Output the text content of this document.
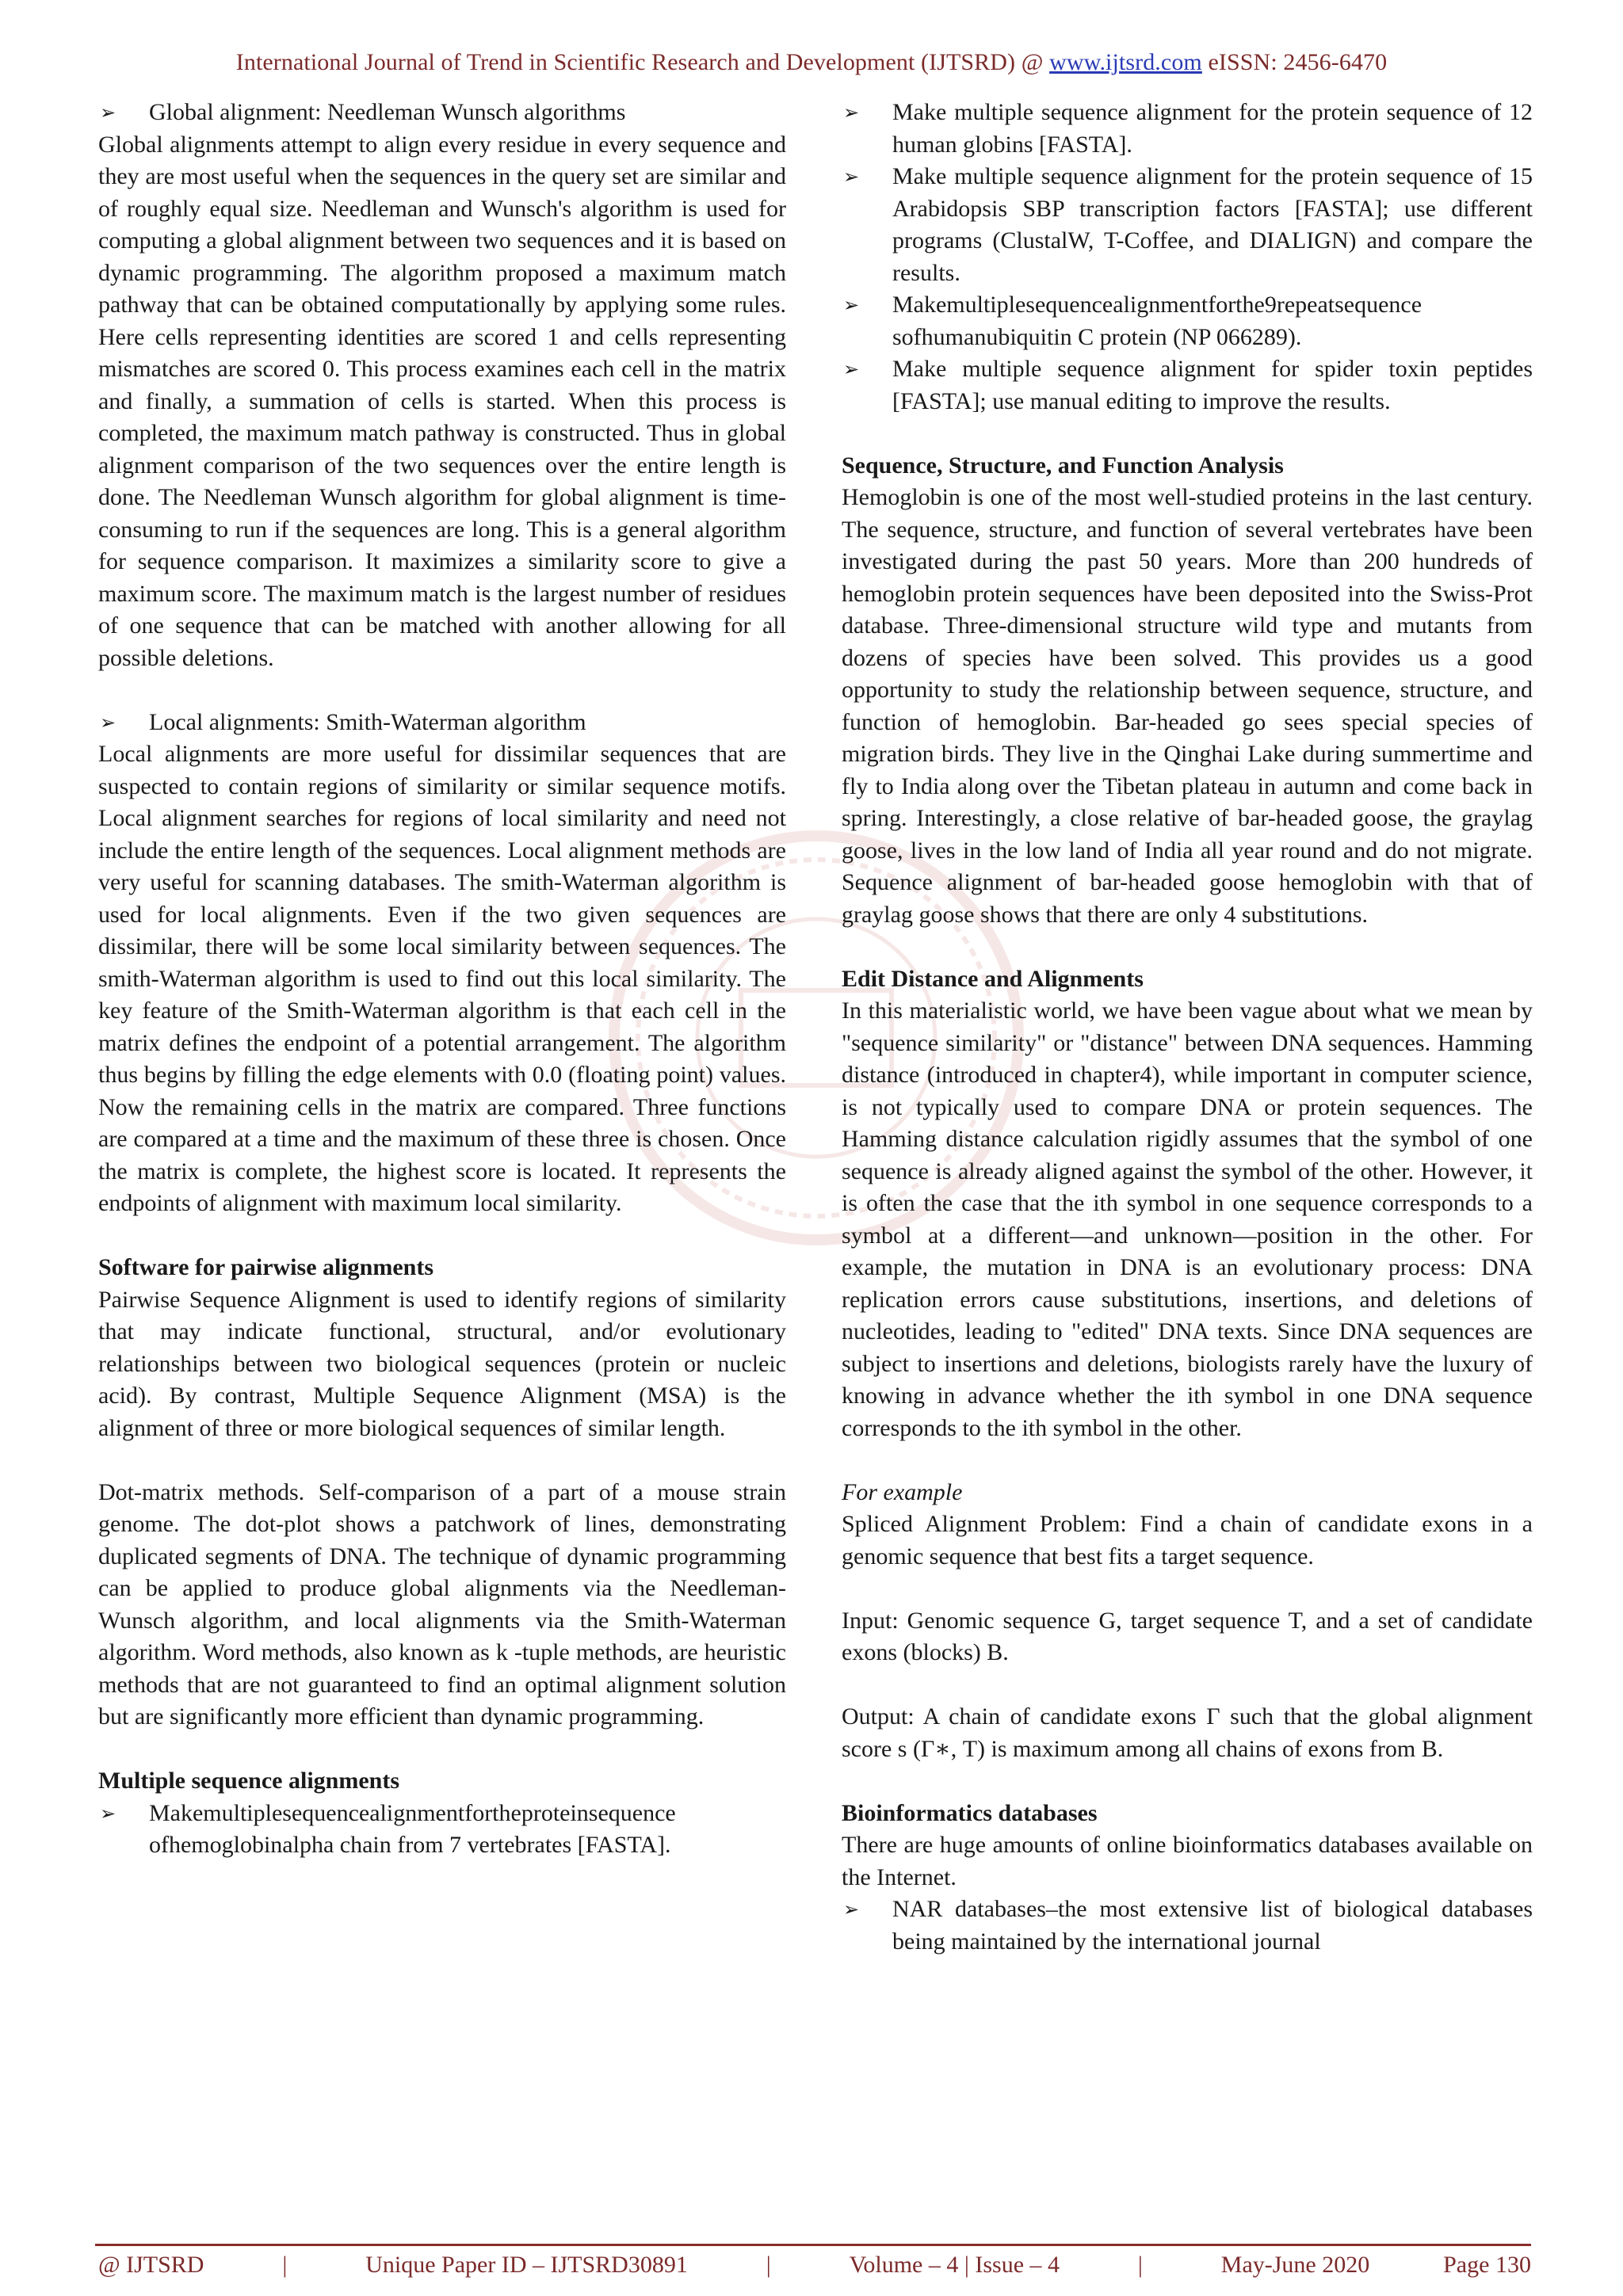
International Journal of Trend in Scientific Research and Development (IJTSRD) @ www.ijtsrd.com eISSN: 2456-6470
➢	Global alignment: Needleman Wunsch algorithms

Global alignments attempt to align every residue in every sequence and they are most useful when the sequences in the query set are similar and of roughly equal size. Needleman and Wunsch's algorithm is used for computing a global alignment between two sequences and it is based on dynamic programming. The algorithm proposed a maximum match pathway that can be obtained computationally by applying some rules. Here cells representing identities are scored 1 and cells representing mismatches are scored 0. This process examines each cell in the matrix and finally, a summation of cells is started. When this process is completed, the maximum match pathway is constructed. Thus in global alignment comparison of the two sequences over the entire length is done. The Needleman Wunsch algorithm for global alignment is time-consuming to run if the sequences are long. This is a general algorithm for sequence comparison. It maximizes a similarity score to give a maximum score. The maximum match is the largest number of residues of one sequence that can be matched with another allowing for all possible deletions.

➢	Local alignments: Smith-Waterman algorithm

Local alignments are more useful for dissimilar sequences that are suspected to contain regions of similarity or similar sequence motifs. Local alignment searches for regions of local similarity and need not include the entire length of the sequences. Local alignment methods are very useful for scanning databases. The smith-Waterman algorithm is used for local alignments. Even if the two given sequences are dissimilar, there will be some local similarity between sequences. The smith-Waterman algorithm is used to find out this local similarity. The key feature of the Smith-Waterman algorithm is that each cell in the matrix defines the endpoint of a potential arrangement. The algorithm thus begins by filling the edge elements with 0.0 (floating point) values. Now the remaining cells in the matrix are compared. Three functions are compared at a time and the maximum of these three is chosen. Once the matrix is complete, the highest score is located. It represents the endpoints of alignment with maximum local similarity.

Software for pairwise alignments

Pairwise Sequence Alignment is used to identify regions of similarity that may indicate functional, structural, and/or evolutionary relationships between two biological sequences (protein or nucleic acid). By contrast, Multiple Sequence Alignment (MSA) is the alignment of three or more biological sequences of similar length.

Dot-matrix methods. Self-comparison of a part of a mouse strain genome. The dot-plot shows a patchwork of lines, demonstrating duplicated segments of DNA. The technique of dynamic programming can be applied to produce global alignments via the Needleman-Wunsch algorithm, and local alignments via the Smith-Waterman algorithm. Word methods, also known as k -tuple methods, are heuristic methods that are not guaranteed to find an optimal alignment solution but are significantly more efficient than dynamic programming.

Multiple sequence alignments

➢	Makemultiplesequencealignmentfortheproteinsequence ofhemoglobinalpha chain from 7 vertebrates [FASTA].
➢	Make multiple sequence alignment for the protein sequence of 12 human globins [FASTA].
➢	Make multiple sequence alignment for the protein sequence of 15 Arabidopsis SBP transcription factors [FASTA]; use different programs (ClustalW, T-Coffee, and DIALIGN) and compare the results.
➢	Makemultiplesequencealignmentforthe9repeatsequence sofhumanubiquitin C protein (NP 066289).
➢	Make multiple sequence alignment for spider toxin peptides [FASTA]; use manual editing to improve the results.

Sequence, Structure, and Function Analysis

Hemoglobin is one of the most well-studied proteins in the last century. The sequence, structure, and function of several vertebrates have been investigated during the past 50 years. More than 200 hundreds of hemoglobin protein sequences have been deposited into the Swiss-Prot database. Three-dimensional structure wild type and mutants from dozens of species have been solved. This provides us a good opportunity to study the relationship between sequence, structure, and function of hemoglobin. Bar-headed go sees special species of migration birds. They live in the Qinghai Lake during summertime and fly to India along over the Tibetan plateau in autumn and come back in spring. Interestingly, a close relative of bar-headed goose, the graylag goose, lives in the low land of India all year round and do not migrate. Sequence alignment of bar-headed goose hemoglobin with that of graylag goose shows that there are only 4 substitutions.

Edit Distance and Alignments

In this materialistic world, we have been vague about what we mean by "sequence similarity" or "distance" between DNA sequences. Hamming distance (introduced in chapter4), while important in computer science, is not typically used to compare DNA or protein sequences. The Hamming distance calculation rigidly assumes that the symbol of one sequence is already aligned against the symbol of the other. However, it is often the case that the ith symbol in one sequence corresponds to a symbol at a different—and unknown—position in the other. For example, the mutation in DNA is an evolutionary process: DNA replication errors cause substitutions, insertions, and deletions of nucleotides, leading to "edited" DNA texts. Since DNA sequences are subject to insertions and deletions, biologists rarely have the luxury of knowing in advance whether the ith symbol in one DNA sequence corresponds to the ith symbol in the other.

For example

Spliced Alignment Problem: Find a chain of candidate exons in a genomic sequence that best fits a target sequence.

Input: Genomic sequence G, target sequence T, and a set of candidate exons (blocks) B.

Output: A chain of candidate exons Γ such that the global alignment score s (Γ∗, T) is maximum among all chains of exons from B.

Bioinformatics databases

There are huge amounts of online bioinformatics databases available on the Internet.

➢	NAR databases–the most extensive list of biological databases being maintained by the international journal
@ IJTSRD	|	Unique Paper ID – IJTSRD30891	|	Volume – 4 | Issue – 4	|	May-June 2020	Page 130
